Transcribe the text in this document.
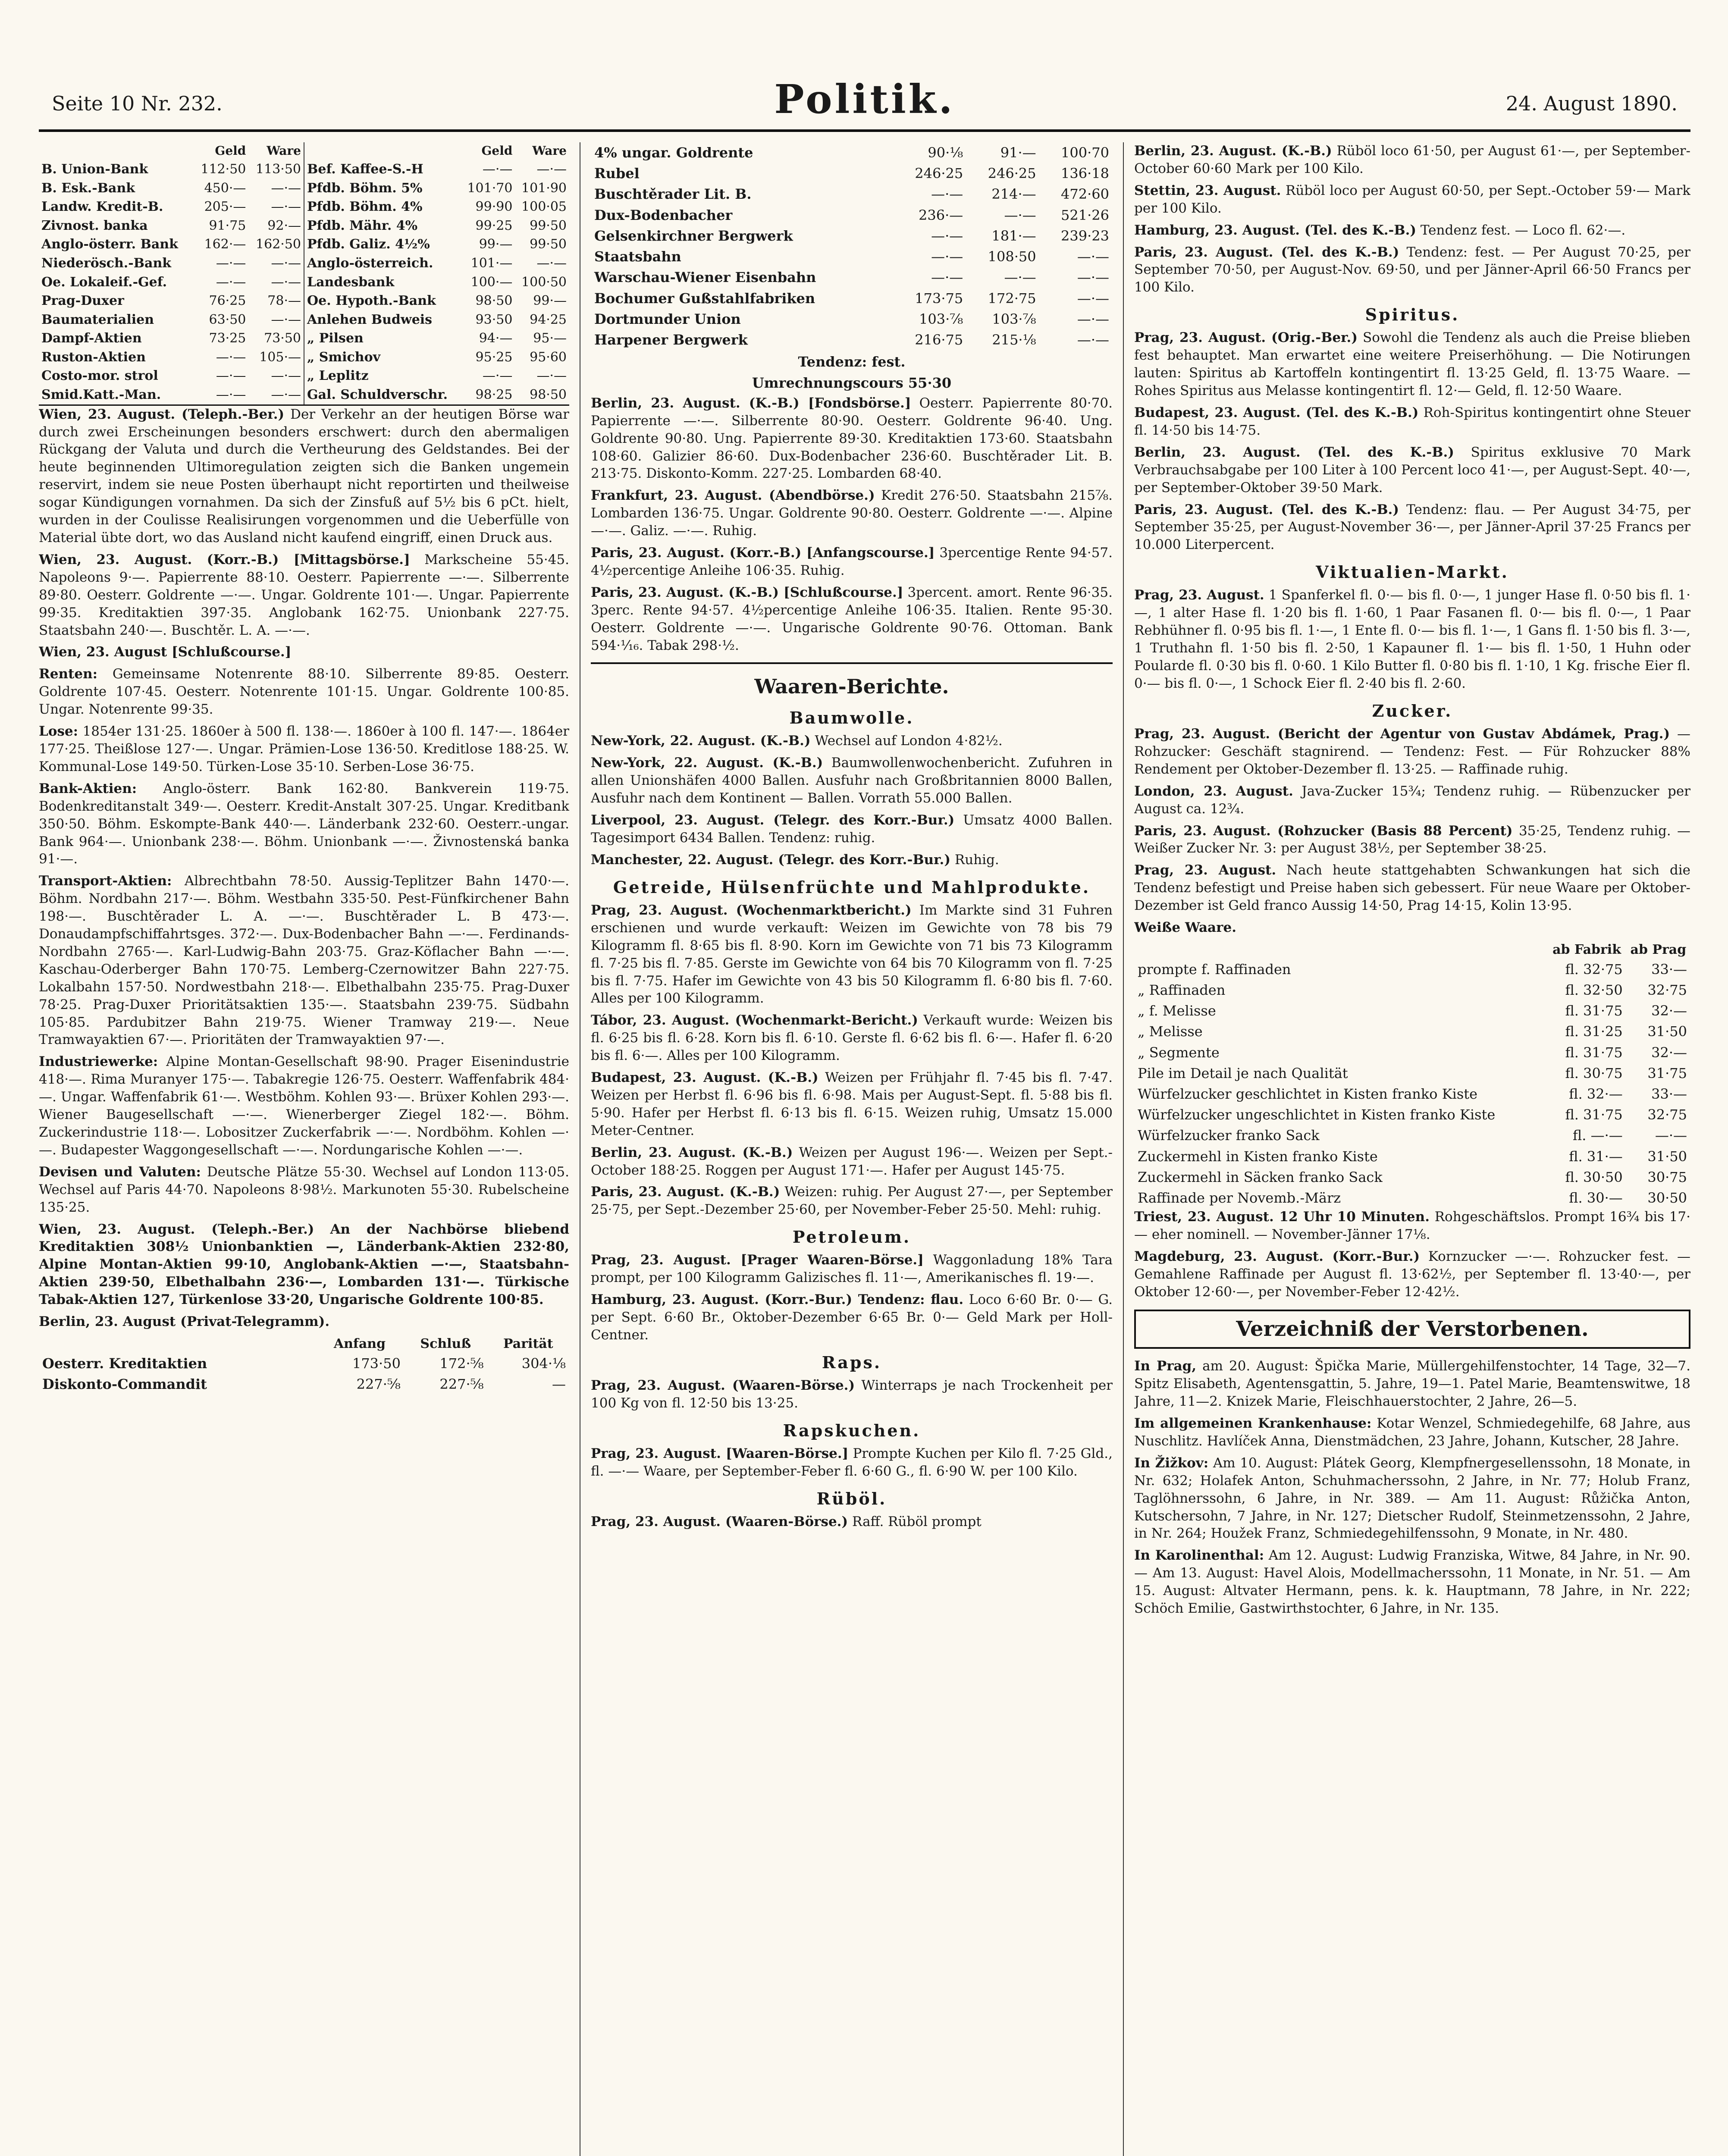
Seite 10 Nr. 232.	Politik.	24. August 1890.
	Geld	Ware
B. Union-Bank	112·50	113·50
B. Esk.-Bank	450·—	—·—
Landw. Kredit-B.	205·—	—·—
Zivnost. banka	91·75	92·—
Anglo-österr. Bank	162·—	162·50
Niederösch.-Bank	—·—	—·—
Oe. Lokaleif.-Gef.	—·—	—·—
Prag-Duxer	76·25	78·—
Baumaterialien	63·50	—·—
Dampf-Aktien	73·25	73·50
Ruston-Aktien	—·—	105·—
Costo-mor. strol	—·—	—·—
Smid.Katt.-Man.	—·—	—·—
	Geld	Ware
Bef. Kaffee-S.-H	—·—	—·—
Pfdb. Böhm. 5%	101·70	101·90
Pfdb. Böhm. 4%	99·90	100·05
Pfdb. Mähr. 4%	99·25	99·50
Pfdb. Galiz. 4½%	99·—	99·50
Anglo-österreich.	101·—	—·—
Landesbank	100·—	100·50
Oe. Hypoth.-Bank	98·50	99·—
Anlehen Budweis	93·50	94·25
„ Pilsen	94·—	95·—
„ Smichov	95·25	95·60
„ Leplitz	—·—	—·—
Gal. Schuldverschr.	98·25	98·50

Wien, 23. August. (Teleph.-Ber.) Der Verkehr an der heutigen Börse war durch zwei Erscheinungen besonders erschwert: durch den abermaligen Rückgang der Valuta und durch die Vertheurung des Geldstandes. Bei der heute beginnenden Ultimoregulation zeigten sich die Banken ungemein reservirt, indem sie neue Posten überhaupt nicht reportirten und theilweise sogar Kündigungen vornahmen. Da sich der Zinsfuß auf 5½ bis 6 pCt. hielt, wurden in der Coulisse Realisirungen vorgenommen und die Ueberfülle von Material übte dort, wo das Ausland nicht kaufend eingriff, einen Druck aus.

Wien, 23. August. (Korr.-B.) [Mittagsbörse.] Markscheine 55·45. Napoleons 9·—. Papierrente 88·10. Oesterr. Papierrente —·—. Silberrente 89·80. Oesterr. Goldrente —·—. Ungar. Goldrente 101·—. Ungar. Papierrente 99·35. Kreditaktien 397·35. Anglobank 162·75. Unionbank 227·75. Staatsbahn 240·—. Buschtěr. L. A. —·—.

Wien, 23. August [Schlußcourse.]

Renten: Gemeinsame Notenrente 88·10. Silberrente 89·85. Oesterr. Goldrente 107·45. Oesterr. Notenrente 101·15. Ungar. Goldrente 100·85. Ungar. Notenrente 99·35.

Lose: 1854er 131·25. 1860er à 500 fl. 138·—. 1860er à 100 fl. 147·—. 1864er 177·25. Theißlose 127·—. Ungar. Prämien-Lose 136·50. Kreditlose 188·25. W. Kommunal-Lose 149·50. Türken-Lose 35·10. Serben-Lose 36·75.

Bank-Aktien: Anglo-österr. Bank 162·80. Bankverein 119·75. Bodenkreditanstalt 349·—. Oesterr. Kredit-Anstalt 307·25. Ungar. Kreditbank 350·50. Böhm. Eskompte-Bank 440·—. Länderbank 232·60. Oesterr.-ungar. Bank 964·—. Unionbank 238·—. Böhm. Unionbank —·—. Živnostenská banka 91·—.

Transport-Aktien: Albrechtbahn 78·50. Aussig-Teplitzer Bahn 1470·—. Böhm. Nordbahn 217·—. Böhm. Westbahn 335·50. Pest-Fünfkirchener Bahn 198·—. Buschtěrader L. A. —·—. Buschtěrader L. B 473·—. Donaudampfschiffahrtsges. 372·—. Dux-Bodenbacher Bahn —·—. Ferdinands-Nordbahn 2765·—. Karl-Ludwig-Bahn 203·75. Graz-Köflacher Bahn —·—. Kaschau-Oderberger Bahn 170·75. Lemberg-Czernowitzer Bahn 227·75. Lokalbahn 157·50. Nordwestbahn 218·—. Elbethalbahn 235·75. Prag-Duxer 78·25. Prag-Duxer Prioritätsaktien 135·—. Staatsbahn 239·75. Südbahn 105·85. Pardubitzer Bahn 219·75. Wiener Tramway 219·—. Neue Tramwayaktien 67·—. Prioritäten der Tramwayaktien 97·—.

Industriewerke: Alpine Montan-Gesellschaft 98·90. Prager Eisenindustrie 418·—. Rima Muranyer 175·—. Tabakregie 126·75. Oesterr. Waffenfabrik 484·—. Ungar. Waffenfabrik 61·—. Westböhm. Kohlen 93·—. Brüxer Kohlen 293·—. Wiener Baugesellschaft —·—. Wienerberger Ziegel 182·—. Böhm. Zuckerindustrie 118·—. Lobositzer Zuckerfabrik —·—. Nordböhm. Kohlen —·—. Budapester Waggongesellschaft —·—. Nordungarische Kohlen —·—.

Devisen und Valuten: Deutsche Plätze 55·30. Wechsel auf London 113·05. Wechsel auf Paris 44·70. Napoleons 8·98½. Markunoten 55·30. Rubelscheine 135·25.

Wien, 23. August. (Teleph.-Ber.) An der Nachbörse bliebend Kreditaktien 308½ Unionbanktien —, Länderbank-Aktien 232·80, Alpine Montan-Aktien 99·10, Anglobank-Aktien —·—, Staatsbahn-Aktien 239·50, Elbethalbahn 236·—, Lombarden 131·—. Türkische Tabak-Aktien 127, Türkenlose 33·20, Ungarische Goldrente 100·85.

Berlin, 23. August (Privat-Telegramm).

	Anfang	Schluß	Parität
Oesterr. Kreditaktien	173·50	172·⅝	304·⅛
Diskonto-Commandit	227·⅝	227·⅝	—
4% ungar. Goldrente	90·⅛	91·—	100·70
Rubel	246·25	246·25	136·18
Buschtěrader Lit. B.	—·—	214·—	472·60
Dux-Bodenbacher	236·—	—·—	521·26
Gelsenkirchner Bergwerk	—·—	181·—	239·23
Staatsbahn	—·—	108·50	—·—
Warschau-Wiener Eisenbahn	—·—	—·—	—·—
Bochumer Gußstahlfabriken	173·75	172·75	—·—
Dortmunder Union	103·⅞	103·⅞	—·—
Harpener Bergwerk	216·75	215·⅛	—·—

Tendenz: fest.

Umrechnungscours 55·30

Berlin, 23. August. (K.-B.) [Fondsbörse.] Oesterr. Papierrente 80·70. Papierrente —·—. Silberrente 80·90. Oesterr. Goldrente 96·40. Ung. Goldrente 90·80. Ung. Papierrente 89·30. Kreditaktien 173·60. Staatsbahn 108·60. Galizier 86·60. Dux-Bodenbacher 236·60. Buschtěrader Lit. B. 213·75. Diskonto-Komm. 227·25. Lombarden 68·40.

Frankfurt, 23. August. (Abendbörse.) Kredit 276·50. Staatsbahn 215⅞. Lombarden 136·75. Ungar. Goldrente 90·80. Oesterr. Goldrente —·—. Alpine —·—. Galiz. —·—. Ruhig.

Paris, 23. August. (Korr.-B.) [Anfangscourse.] 3percentige Rente 94·57. 4½percentige Anleihe 106·35. Ruhig.

Paris, 23. August. (K.-B.) [Schlußcourse.] 3percent. amort. Rente 96·35. 3perc. Rente 94·57. 4½percentige Anleihe 106·35. Italien. Rente 95·30. Oesterr. Goldrente —·—. Ungarische Goldrente 90·76. Ottoman. Bank 594·⅟₁₆. Tabak 298·⅟₂.

Waaren-Berichte.
Baumwolle.

New-York, 22. August. (K.-B.) Wechsel auf London 4·82½.

New-York, 22. August. (K.-B.) Baumwollenwochenbericht. Zufuhren in allen Unionshäfen 4000 Ballen. Ausfuhr nach Großbritannien 8000 Ballen, Ausfuhr nach dem Kontinent — Ballen. Vorrath 55.000 Ballen.

Liverpool, 23. August. (Telegr. des Korr.-Bur.) Umsatz 4000 Ballen. Tagesimport 6434 Ballen. Tendenz: ruhig.

Manchester, 22. August. (Telegr. des Korr.-Bur.) Ruhig.

Getreide, Hülsenfrüchte und Mahlprodukte.

Prag, 23. August. (Wochenmarktbericht.) Im Markte sind 31 Fuhren erschienen und wurde verkauft: Weizen im Gewichte von 78 bis 79 Kilogramm fl. 8·65 bis fl. 8·90. Korn im Gewichte von 71 bis 73 Kilogramm fl. 7·25 bis fl. 7·85. Gerste im Gewichte von 64 bis 70 Kilogramm von fl. 7·25 bis fl. 7·75. Hafer im Gewichte von 43 bis 50 Kilogramm fl. 6·80 bis fl. 7·60. Alles per 100 Kilogramm.

Tábor, 23. August. (Wochenmarkt-Bericht.) Verkauft wurde: Weizen bis fl. 6·25 bis fl. 6·28. Korn bis fl. 6·10. Gerste fl. 6·62 bis fl. 6·—. Hafer fl. 6·20 bis fl. 6·—. Alles per 100 Kilogramm.

Budapest, 23. August. (K.-B.) Weizen per Frühjahr fl. 7·45 bis fl. 7·47. Weizen per Herbst fl. 6·96 bis fl. 6·98. Mais per August-Sept. fl. 5·88 bis fl. 5·90. Hafer per Herbst fl. 6·13 bis fl. 6·15. Weizen ruhig, Umsatz 15.000 Meter-Centner.

Berlin, 23. August. (K.-B.) Weizen per August 196·—. Weizen per Sept.-October 188·25. Roggen per August 171·—. Hafer per August 145·75.

Paris, 23. August. (K.-B.) Weizen: ruhig. Per August 27·—, per September 25·75, per Sept.-Dezember 25·60, per November-Feber 25·50. Mehl: ruhig.

Petroleum.

Prag, 23. August. [Prager Waaren-Börse.] Waggonladung 18% Tara prompt, per 100 Kilogramm Galizisches fl. 11·—, Amerikanisches fl. 19·—.

Hamburg, 23. August. (Korr.-Bur.) Tendenz: flau. Loco 6·60 Br. 0·— G. per Sept. 6·60 Br., Oktober-Dezember 6·65 Br. 0·— Geld Mark per Holl-Centner.

Raps.

Prag, 23. August. (Waaren-Börse.) Winterraps je nach Trockenheit per 100 Kg von fl. 12·50 bis 13·25.

Rapskuchen.

Prag, 23. August. [Waaren-Börse.] Prompte Kuchen per Kilo fl. 7·25 Gld., fl. —·— Waare, per September-Feber fl. 6·60 G., fl. 6·90 W. per 100 Kilo.

Rüböl.

Prag, 23. August. (Waaren-Börse.) Raff. Rüböl prompt

Berlin, 23. August. (K.-B.) Rüböl loco 61·50, per August 61·—, per September-October 60·60 Mark per 100 Kilo.

Stettin, 23. August. Rüböl loco per August 60·50, per Sept.-October 59·— Mark per 100 Kilo.

Hamburg, 23. August. (Tel. des K.-B.) Tendenz fest. — Loco fl. 62·—.

Paris, 23. August. (Tel. des K.-B.) Tendenz: fest. — Per August 70·25, per September 70·50, per August-Nov. 69·50, und per Jänner-April 66·50 Francs per 100 Kilo.

Spiritus.

Prag, 23. August. (Orig.-Ber.) Sowohl die Tendenz als auch die Preise blieben fest behauptet. Man erwartet eine weitere Preiserhöhung. — Die Notirungen lauten: Spiritus ab Kartoffeln kontingentirt fl. 13·25 Geld, fl. 13·75 Waare. — Rohes Spiritus aus Melasse kontingentirt fl. 12·— Geld, fl. 12·50 Waare.

Budapest, 23. August. (Tel. des K.-B.) Roh-Spiritus kontingentirt ohne Steuer fl. 14·50 bis 14·75.

Berlin, 23. August. (Tel. des K.-B.) Spiritus exklusive 70 Mark Verbrauchsabgabe per 100 Liter à 100 Percent loco 41·—, per August-Sept. 40·—, per September-Oktober 39·50 Mark.

Paris, 23. August. (Tel. des K.-B.) Tendenz: flau. — Per August 34·75, per September 35·25, per August-November 36·—, per Jänner-April 37·25 Francs per 10.000 Literpercent.

Viktualien-Markt.

Prag, 23. August. 1 Spanferkel fl. 0·— bis fl. 0·—, 1 junger Hase fl. 0·50 bis fl. 1·—, 1 alter Hase fl. 1·20 bis fl. 1·60, 1 Paar Fasanen fl. 0·— bis fl. 0·—, 1 Paar Rebhühner fl. 0·95 bis fl. 1·—, 1 Ente fl. 0·— bis fl. 1·—, 1 Gans fl. 1·50 bis fl. 3·—, 1 Truthahn fl. 1·50 bis fl. 2·50, 1 Kapauner fl. 1·— bis fl. 1·50, 1 Huhn oder Poularde fl. 0·30 bis fl. 0·60. 1 Kilo Butter fl. 0·80 bis fl. 1·10, 1 Kg. frische Eier fl. 0·— bis fl. 0·—, 1 Schock Eier fl. 2·40 bis fl. 2·60.

Zucker.

Prag, 23. August. (Bericht der Agentur von Gustav Abdámek, Prag.) — Rohzucker: Geschäft stagnirend. — Tendenz: Fest. — Für Rohzucker 88% Rendement per Oktober-Dezember fl. 13·25. — Raffinade ruhig.

London, 23. August. Java-Zucker 15¾; Tendenz ruhig. — Rübenzucker per August ca. 12¾.

Paris, 23. August. (Rohzucker (Basis 88 Percent) 35·25, Tendenz ruhig. — Weißer Zucker Nr. 3: per August 38½, per September 38·25.

Prag, 23. August. Nach heute stattgehabten Schwankungen hat sich die Tendenz befestigt und Preise haben sich gebessert. Für neue Waare per Oktober-Dezember ist Geld franco Aussig 14·50, Prag 14·15, Kolin 13·95.

Weiße Waare.

	ab Fabrik	ab Prag
prompte f. Raffinaden	fl. 32·75	33·—
„ Raffinaden	fl. 32·50	32·75
„ f. Melisse	fl. 31·75	32·—
„ Melisse	fl. 31·25	31·50
„ Segmente	fl. 31·75	32·—
Pile im Detail je nach Qualität	fl. 30·75	31·75
Würfelzucker geschlichtet in Kisten franko Kiste	fl. 32·—	33·—
Würfelzucker ungeschlichtet in Kisten franko Kiste	fl. 31·75	32·75
Würfelzucker franko Sack	fl. —·—	—·—
Zuckermehl in Kisten franko Kiste	fl. 31·—	31·50
Zuckermehl in Säcken franko Sack	fl. 30·50	30·75
Raffinade per Novemb.-März	fl. 30·—	30·50

Triest, 23. August. 12 Uhr 10 Minuten. Rohgeschäftslos. Prompt 16¾ bis 17·— eher nominell. — November-Jänner 17⅛.

Magdeburg, 23. August. (Korr.-Bur.) Kornzucker —·—. Rohzucker fest. — Gemahlene Raffinade per August fl. 13·62½, per September fl. 13·40·—, per Oktober 12·60·—, per November-Feber 12·42½.

Verzeichniß der Verstorbenen.

In Prag, am 20. August: Špička Marie, Müllergehilfenstochter, 14 Tage, 32—7. Spitz Elisabeth, Agentensgattin, 5. Jahre, 19—1. Patel Marie, Beamtenswitwe, 18 Jahre, 11—2. Knizek Marie, Fleischhauerstochter, 2 Jahre, 26—5.

Im allgemeinen Krankenhause: Kotar Wenzel, Schmiedegehilfe, 68 Jahre, aus Nuschlitz. Havlíček Anna, Dienstmädchen, 23 Jahre, Johann, Kutscher, 28 Jahre.

In Žižkov: Am 10. August: Plátek Georg, Klempfnergesellenssohn, 18 Monate, in Nr. 632; Holafek Anton, Schuhmacherssohn, 2 Jahre, in Nr. 77; Holub Franz, Taglöhnerssohn, 6 Jahre, in Nr. 389. — Am 11. August: Růžička Anton, Kutschersohn, 7 Jahre, in Nr. 127; Dietscher Rudolf, Steinmetzenssohn, 2 Jahre, in Nr. 264; Houžek Franz, Schmiedegehilfenssohn, 9 Monate, in Nr. 480.

In Karolinenthal: Am 12. August: Ludwig Franziska, Witwe, 84 Jahre, in Nr. 90. — Am 13. August: Havel Alois, Modellmacherssohn, 11 Monate, in Nr. 51. — Am 15. August: Altvater Hermann, pens. k. k. Hauptmann, 78 Jahre, in Nr. 222; Schöch Emilie, Gastwirthstochter, 6 Jahre, in Nr. 135.
